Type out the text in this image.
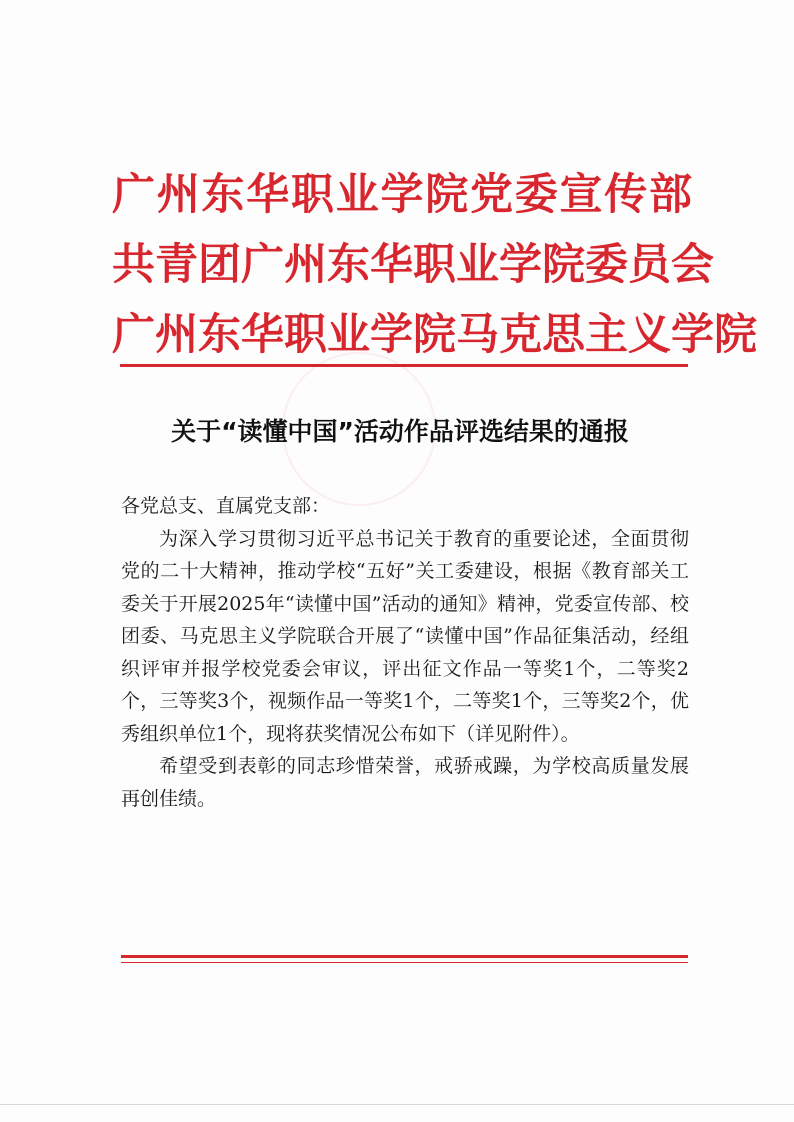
广州东华职业学院党委宣传部
共青团广州东华职业学院委员会
广州东华职业学院马克思主义学院
关于“读懂中国”活动作品评选结果的通报

各党总支、直属党支部：

为深入学习贯彻习近平总书记关于教育的重要论述，全面贯彻党的二十大精神，推动学校“五好”关工委建设，根据《教育部关工委关于开展2025年“读懂中国”活动的通知》精神，党委宣传部、校团委、马克思主义学院联合开展了“读懂中国”作品征集活动，经组织评审并报学校党委会审议，评出征文作品一等奖1个，二等奖2个，三等奖3个，视频作品一等奖1个，二等奖1个，三等奖2个，优秀组织单位1个，现将获奖情况公布如下（详见附件）。

希望受到表彰的同志珍惜荣誉，戒骄戒躁，为学校高质量发展再创佳绩。
